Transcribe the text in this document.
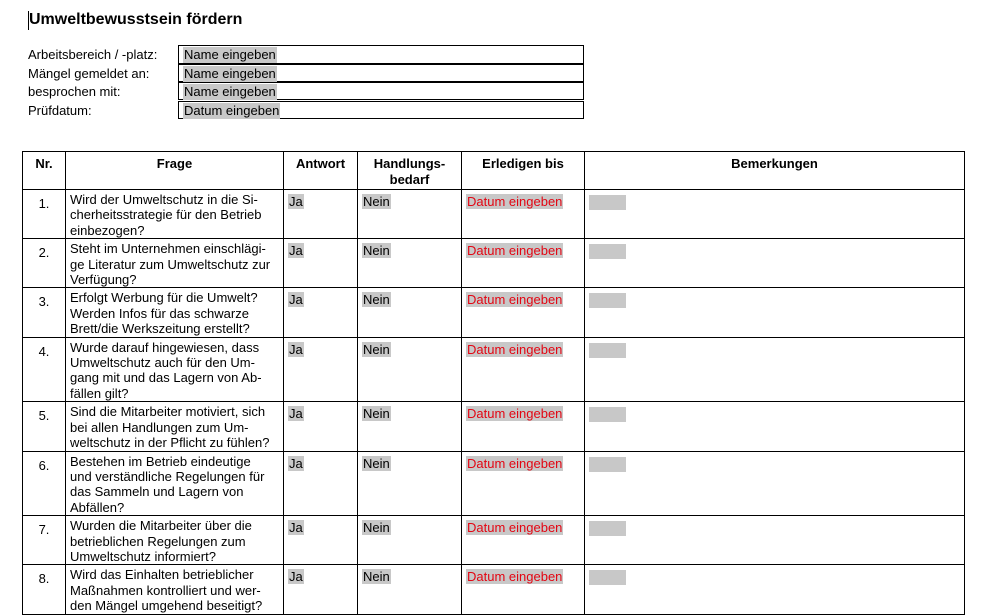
Umweltbewusstsein fördern
Arbeitsbereich / -platz: Name eingeben
Mängel gemeldet an:	Name eingeben
besprochen mit:	Name eingeben
Prüfdatum:	Datum eingeben
Nr.	Frage	Antwort	Handlungs-
bedarf	Erledigen bis	Bemerkungen
1.	Wird der Umweltschutz in die Si-
cherheitsstrategie für den Betrieb
einbezogen?	Ja	Nein	Datum eingeben	
2.	Steht im Unternehmen einschlägi-
ge Literatur zum Umweltschutz zur
Verfügung?	Ja	Nein	Datum eingeben	
3.	Erfolgt Werbung für die Umwelt?
Werden Infos für das schwarze
Brett/die Werkszeitung erstellt?	Ja	Nein	Datum eingeben	
4.	Wurde darauf hingewiesen, dass
Umweltschutz auch für den Um-
gang mit und das Lagern von Ab-
fällen gilt?	Ja	Nein	Datum eingeben	
5.	Sind die Mitarbeiter motiviert, sich
bei allen Handlungen zum Um-
weltschutz in der Pflicht zu fühlen?	Ja	Nein	Datum eingeben	
6.	Bestehen im Betrieb eindeutige
und verständliche Regelungen für
das Sammeln und Lagern von
Abfällen?	Ja	Nein	Datum eingeben	
7.	Wurden die Mitarbeiter über die
betrieblichen Regelungen zum
Umweltschutz informiert?	Ja	Nein	Datum eingeben	
8.	Wird das Einhalten betrieblicher
Maßnahmen kontrolliert und wer-
den Mängel umgehend beseitigt?	Ja	Nein	Datum eingeben	
